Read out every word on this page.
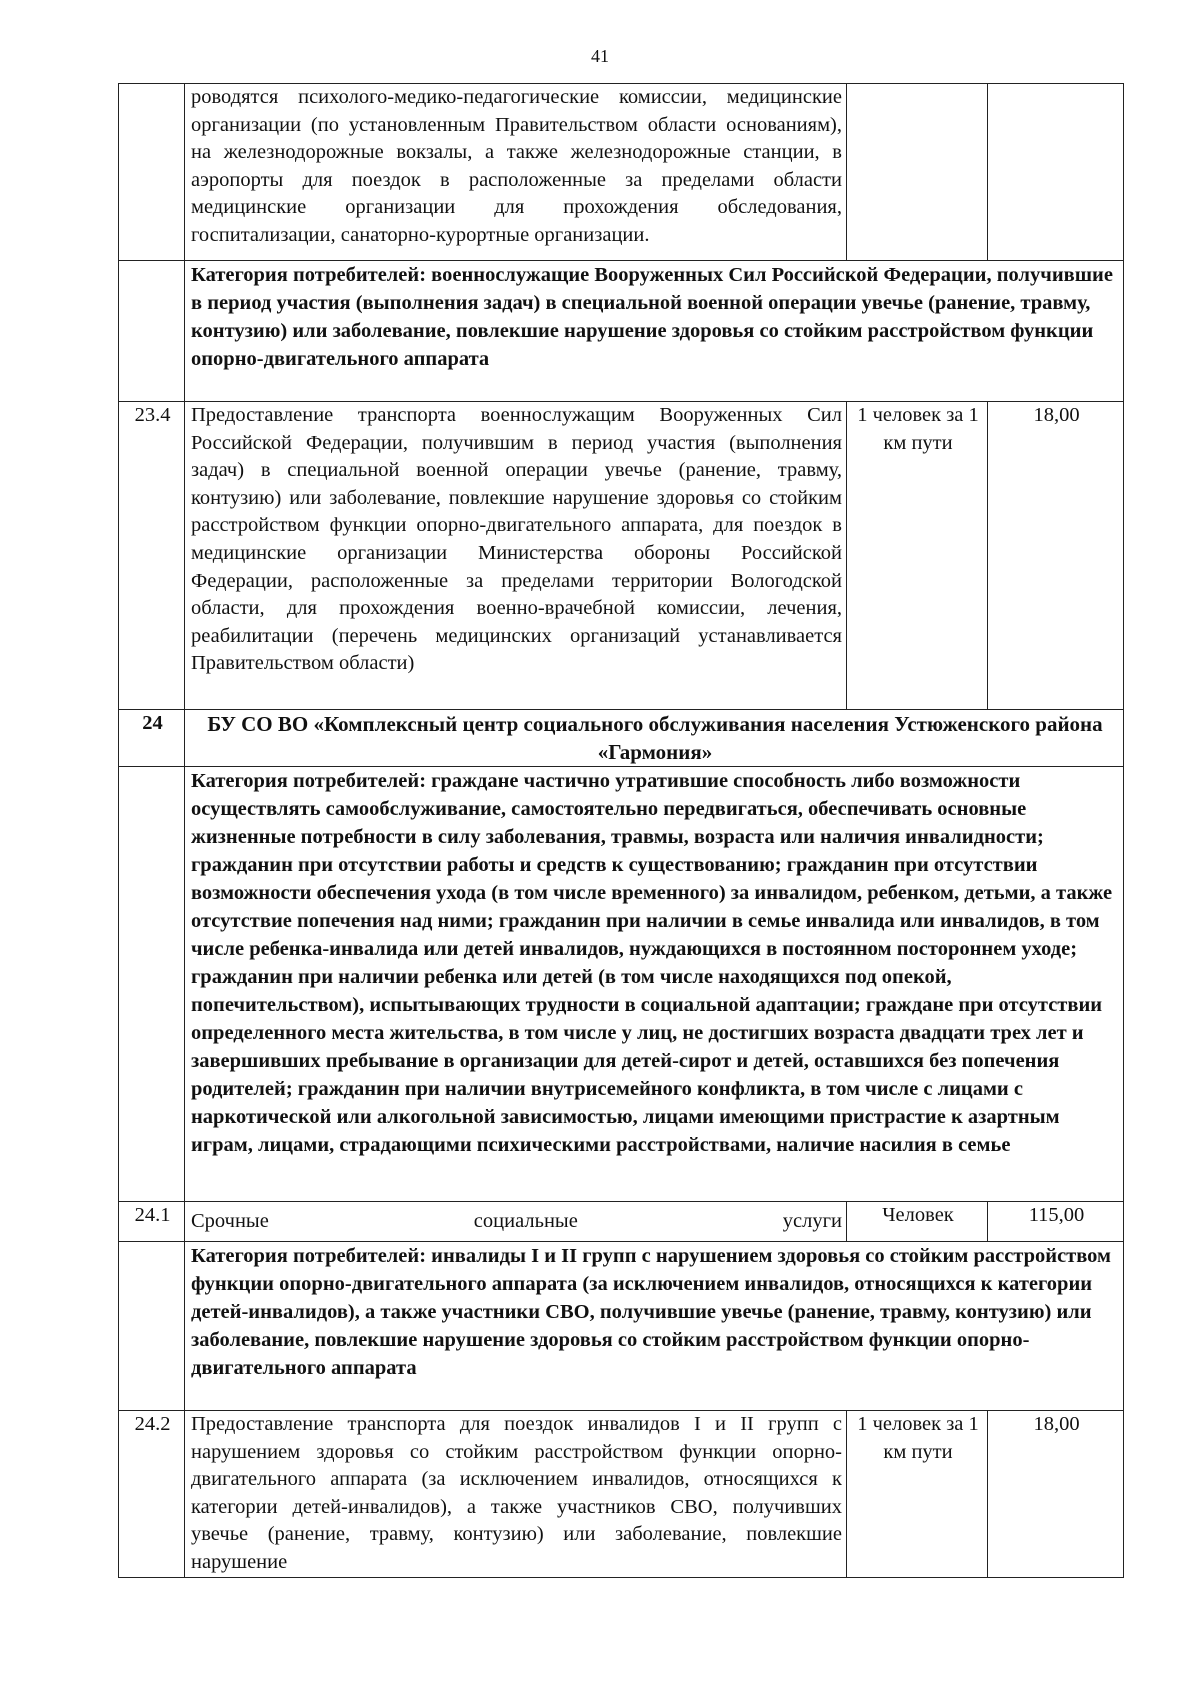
41
	роводятся психолого-медико-педагогические комиссии, медицинские организации (по установленным Правительством области основаниям), на железнодорожные вокзалы, а также железнодорожные станции, в аэропорты для поездок в расположенные за пределами области медицинские организации для прохождения обследования, госпитализации, санаторно-курортные организации.		
	Категория потребителей: военнослужащие Вооруженных Сил Российской Федерации, получившие в период участия (выполнения задач) в специальной военной операции увечье (ранение, травму, контузию) или заболевание, повлекшие нарушение здоровья со стойким расстройством функции опорно-двигательного аппарата		
23.4	Предоставление транспорта военнослужащим Вооруженных Сил Российской Федерации, получившим в период участия (выполнения задач) в специальной военной операции увечье (ранение, травму, контузию) или заболевание, повлекшие нарушение здоровья со стойким расстройством функции опорно-двигательного аппарата, для поездок в медицинские организации Министерства обороны Российской Федерации, расположенные за пределами территории Вологодской области, для прохождения военно-врачебной комиссии, лечения, реабилитации (перечень медицинских организаций устанавливается Правительством области)	1 человек за 1 км пути	18,00
24	БУ СО ВО «Комплексный центр социального обслуживания населения Устюженского района «Гармония»		
	Категория потребителей: граждане частично утратившие способность либо возможности осуществлять самообслуживание, самостоятельно передвигаться, обеспечивать основные жизненные потребности в силу заболевания, травмы, возраста или наличия инвалидности; гражданин при отсутствии работы и средств к существованию; гражданин при отсутствии возможности обеспечения ухода (в том числе временного) за инвалидом, ребенком, детьми, а также отсутствие попечения над ними; гражданин при наличии в семье инвалида или инвалидов, в том числе ребенка-инвалида или детей инвалидов, нуждающихся в постоянном постороннем уходе; гражданин при наличии ребенка или детей (в том числе находящихся под опекой, попечительством), испытывающих трудности в социальной адаптации; граждане при отсутствии определенного места жительства, в том числе у лиц, не достигших возраста двадцати трех лет и завершивших пребывание в организации для детей-сирот и детей, оставшихся без попечения родителей; гражданин при наличии внутрисемейного конфликта, в том числе с лицами с наркотической или алкогольной зависимостью, лицами имеющими пристрастие к азартным играм, лицами, страдающими психическими расстройствами, наличие насилия в семье		
24.1	Срочные социальные услуги	Человек	115,00
	Категория потребителей: инвалиды I и II групп с нарушением здоровья со стойким расстройством функции опорно-двигательного аппарата (за исключением инвалидов, относящихся к категории детей-инвалидов), а также участники СВО, получившие увечье (ранение, травму, контузию) или заболевание, повлекшие нарушение здоровья со стойким расстройством функции опорно-двигательного аппарата		
24.2	Предоставление транспорта для поездок инвалидов I и II групп с нарушением здоровья со стойким расстройством функции опорно-двигательного аппарата (за исключением инвалидов, относящихся к категории детей-инвалидов), а также участников СВО, получивших увечье (ранение, травму, контузию) или заболевание, повлекшие нарушение	1 человек за 1 км пути	18,00
